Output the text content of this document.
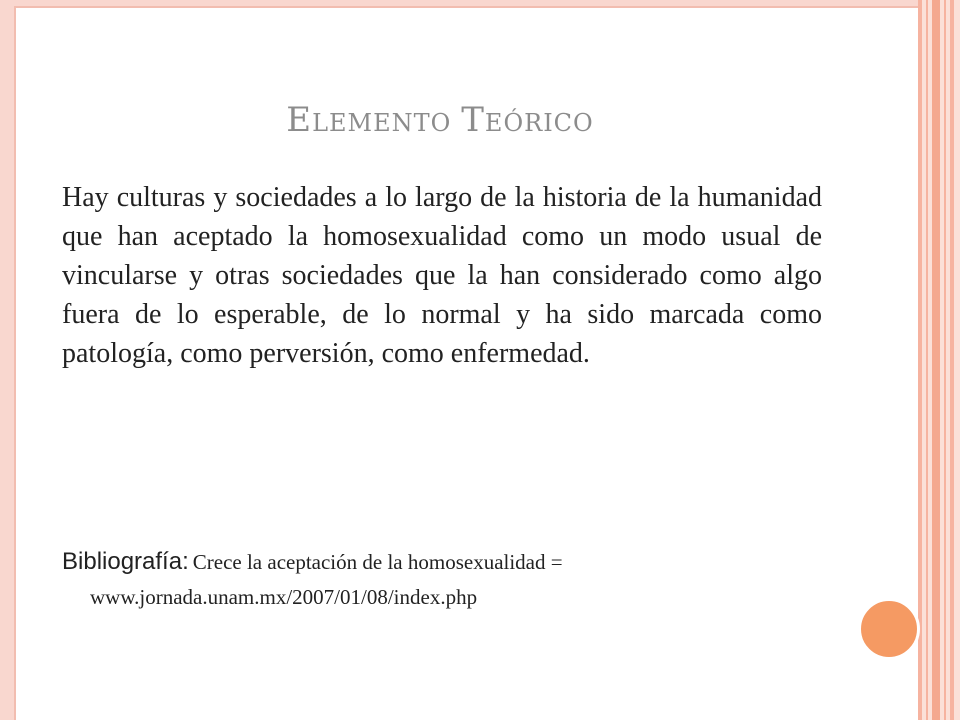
ELEMENTO TEÓRICO
Hay culturas y sociedades a lo largo de la historia de la humanidad que han aceptado la homosexualidad como un modo usual de vincularse y otras sociedades que la han considerado como algo fuera de lo esperable, de lo normal y ha sido marcada como patología, como perversión, como enfermedad.
Bibliografía: Crece la aceptación de la homosexualidad =
www.jornada.unam.mx/2007/01/08/index.php
